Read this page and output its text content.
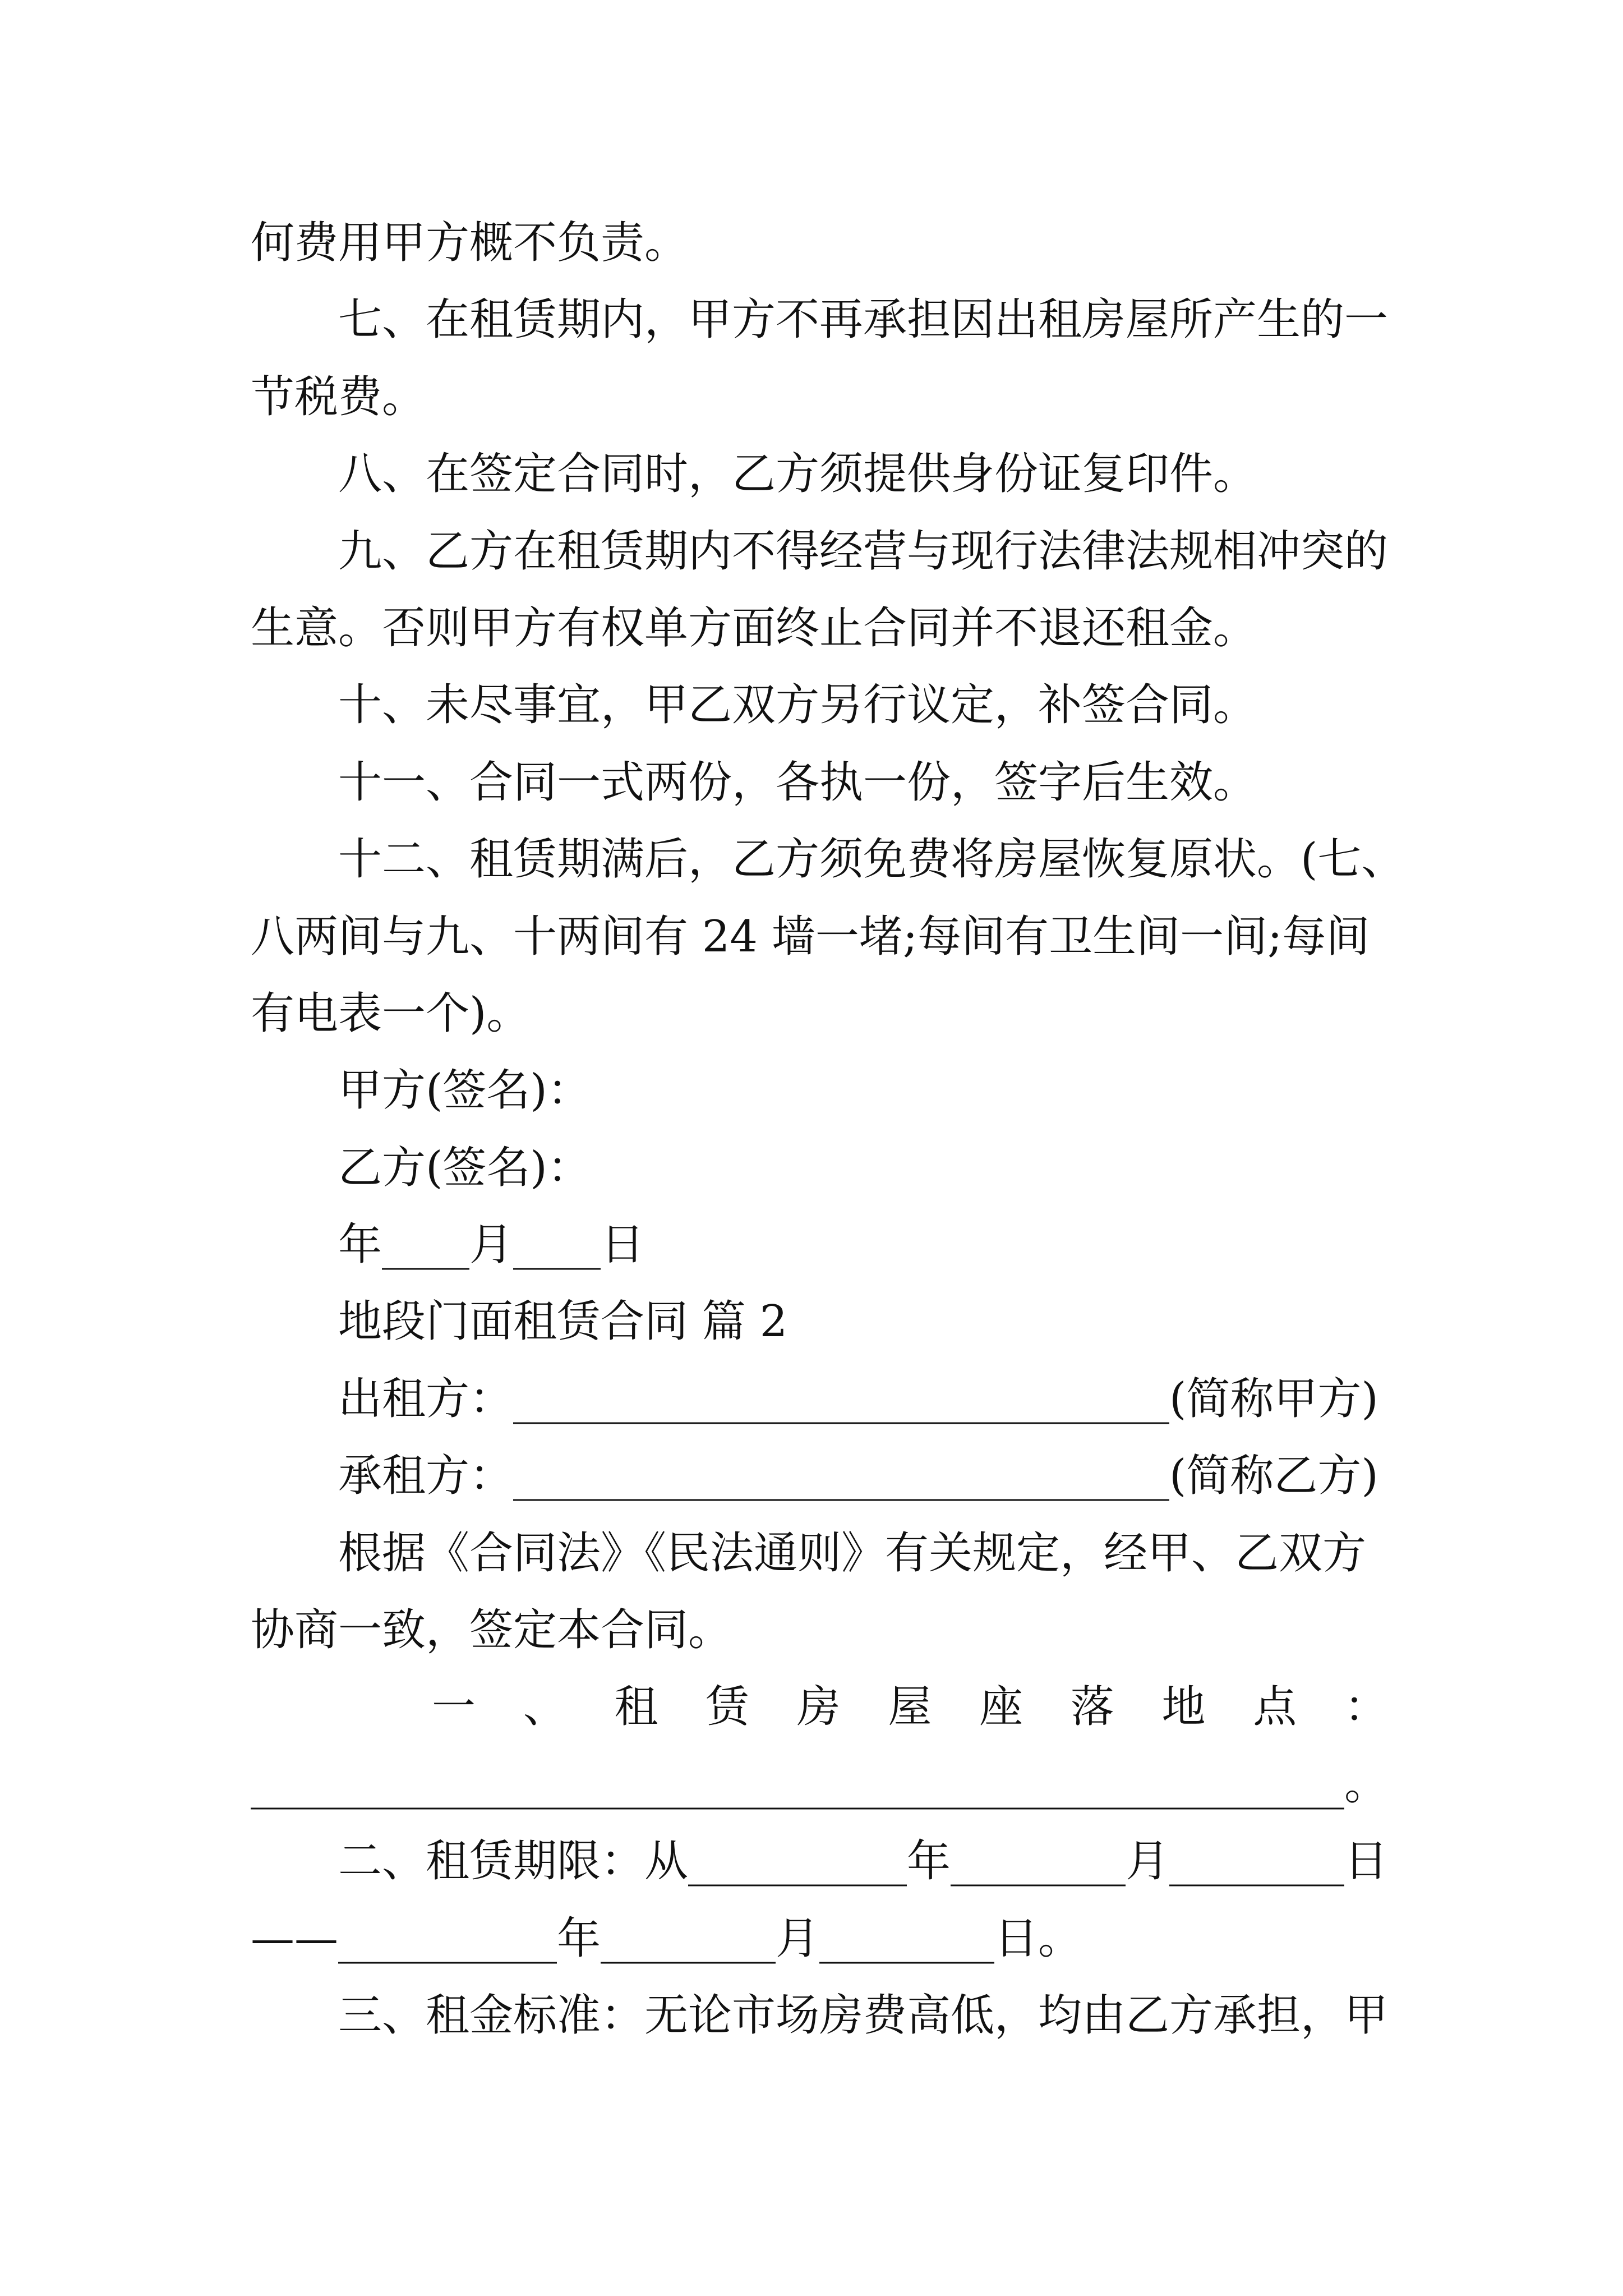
何费用甲方概不负责。
七、在租赁期内，甲方不再承担因出租房屋所产生的一
节税费。
八、在签定合同时，乙方须提供身份证复印件。
九、乙方在租赁期内不得经营与现行法律法规相冲突的
生意。否则甲方有权单方面终止合同并不退还租金。
十、未尽事宜，甲乙双方另行议定，补签合同。
十一、合同一式两份，各执一份，签字后生效。
十二、租赁期满后，乙方须免费将房屋恢复原状。(七、
八两间与九、十两间有 24 墙一堵;每间有卫生间一间;每间
有电表一个)。
甲方(签名)：
乙方(签名)：
年____月____日
地段门面租赁合同 篇 2
出租方：______________________________(简称甲方)
承租方：______________________________(简称乙方)
根据《合同法》《民法通则》有关规定，经甲、乙双方
协商一致，签定本合同。
一 、 租 赁 房 屋 座 落 地 点 ：
__________________________________________________。
二、租赁期限：从__________年________月________日
——__________年________月________日。
三、租金标准：无论市场房费高低，均由乙方承担，甲
